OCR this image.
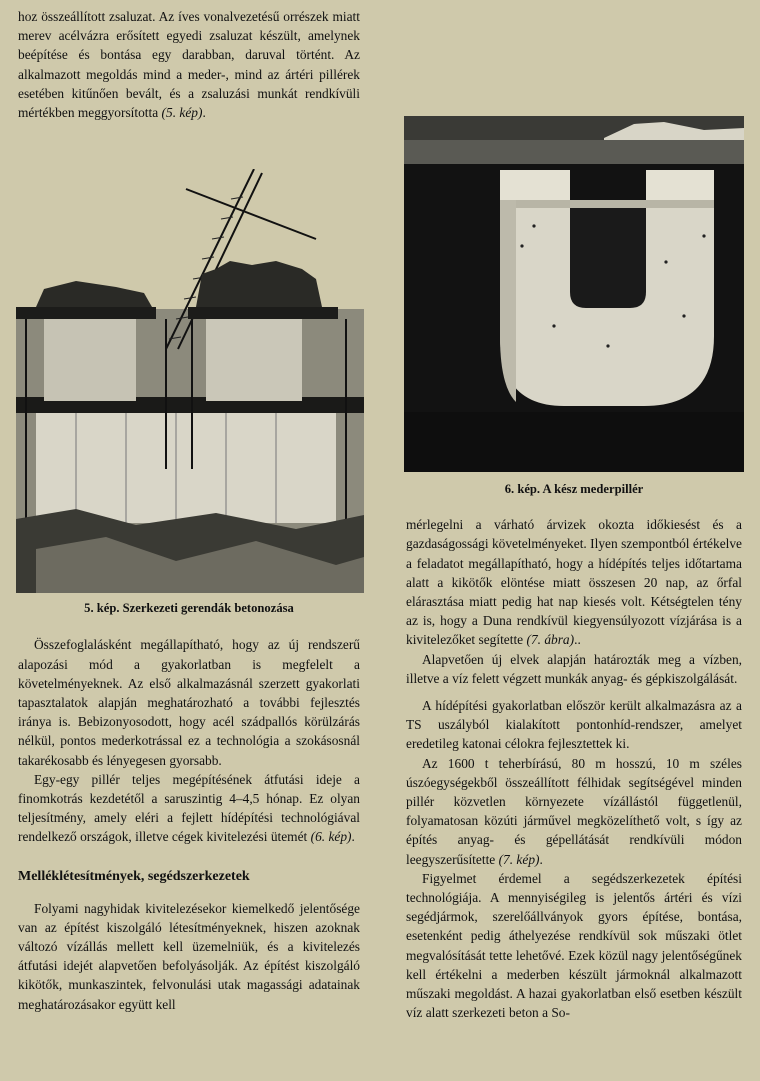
hoz összeállított zsaluzat. Az íves vonalvezetésű orrészek miatt merev acélvázra erősített egyedi zsaluzat készült, amelynek beépítése és bontása egy darabban, daruval történt. Az alkalmazott megoldás mind a meder-, mind az ártéri pillérek esetében kitűnően bevált, és a zsaluzási munkát rendkívüli mértékben meggyorsította (5. kép).

5. kép. Szerkezeti gerendák betonozása

Összefoglalásként megállapítható, hogy az új rendszerű alapozási mód a gyakorlatban is megfelelt a követelményeknek. Az első alkalmazásnál szerzett gyakorlati tapasztalatok alapján meghatározható a további fejlesztés iránya is. Bebizonyosodott, hogy acél szádpallós körülzárás nélkül, pontos mederkotrással ez a technológia a szokásosnál takarékosabb és lényegesen gyorsabb.

Egy-egy pillér teljes megépítésének átfutási ideje a finomkotrás kezdetétől a saruszintig 4–4,5 hónap. Ez olyan teljesítmény, amely eléri a fejlett hídépítési technológiával rendelkező országok, illetve cégek kivitelezési ütemét (6. kép).

Melléklétesítmények, segédszerkezetek

Folyami nagyhidak kivitelezésekor kiemelkedő jelentősége van az építést kiszolgáló létesítményeknek, hiszen azoknak változó vízállás mellett kell üzemelniük, és a kivitelezés átfutási idejét alapvetően befolyásolják. Az építést kiszolgáló kikötők, munkaszintek, felvonulási utak magassági adatainak meghatározásakor együtt kell

6. kép. A kész mederpillér

mérlegelni a várható árvizek okozta időkiesést és a gazdaságossági követelményeket. Ilyen szempontból értékelve a feladatot megállapítható, hogy a hídépítés teljes időtartama alatt a kikötők elöntése miatt összesen 20 nap, az őrfal elárasztása miatt pedig hat nap kiesés volt. Kétségtelen tény az is, hogy a Duna rendkívül kiegyensúlyozott vízjárása is a kivitelezőket segítette (7. ábra)..

Alapvetően új elvek alapján határozták meg a vízben, illetve a víz felett végzett munkák anyag- és gépkiszolgálását.

A hídépítési gyakorlatban először került alkalmazásra az a TS uszályból kialakított pontonhíd-rendszer, amelyet eredetileg katonai célokra fejlesztettek ki.

Az 1600 t teherbírású, 80 m hosszú, 10 m széles úszóegységekből összeállított félhidak segítségével minden pillér közvetlen környezete vízállástól függetlenül, folyamatosan közúti járművel megközelíthető volt, s így az építés anyag- és gépellátását rendkívüli módon leegyszerűsítette (7. kép).

Figyelmet érdemel a segédszerkezetek építési technológiája. A mennyiségileg is jelentős ártéri és vízi segédjármok, szerelőállványok gyors építése, bontása, esetenként pedig áthelyezése rendkívül sok műszaki ötlet megvalósítását tette lehetővé. Ezek közül nagy jelentőségűnek kell értékelni a mederben készült jármoknál alkalmazott műszaki megoldást. A hazai gyakorlatban első esetben készült víz alatt szerkezeti beton a So-
